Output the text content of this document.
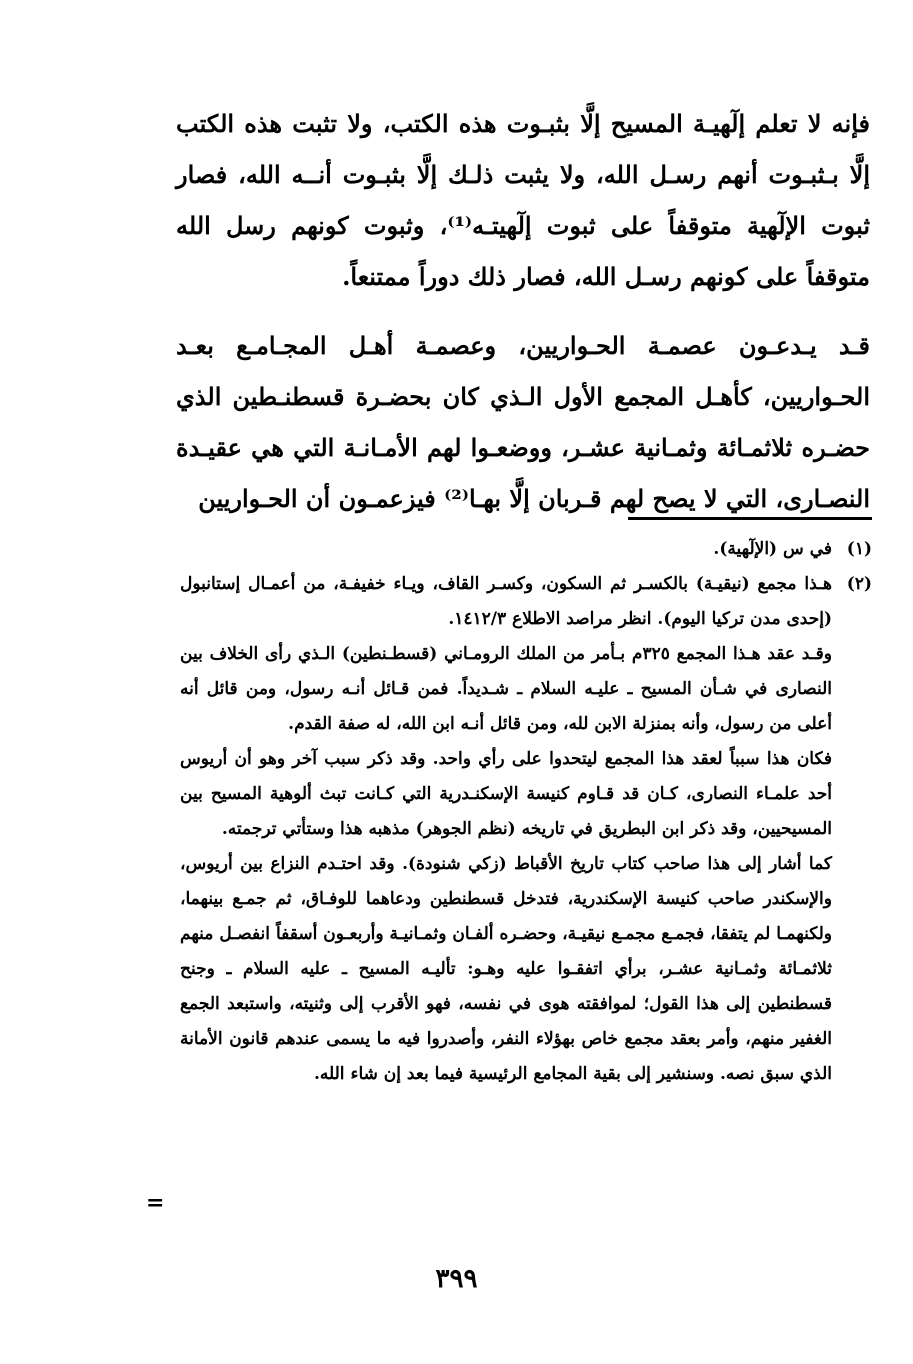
فإنه لا تعلم إلٓهيـة المسيح إلَّا بثبـوت هذه الكتب، ولا تثبت هذه الكتب إلَّا بـثبـوت أنهم رسـل الله، ولا يثبت ذلـك إلَّا بثبـوت أنــه الله، فصار ثبوت الإلٓهية متوقفاً على ثبوت إلٓهيتـه⁽¹⁾، وثبوت كونهم رسل الله متوقفاً على كونهم رسـل الله، فصار ذلك دوراً ممتنعاً.

قـد يـدعـون عصمـة الحـواريين، وعصمـة أهـل المجـامـع بعـد الحـواريين، كأهـل المجمع الأول الـذي كان بحضـرة قسطنـطين الذي حضـره ثلاثمـائة وثمـانية عشـر، ووضعـوا لهم الأمـانـة التي هي عقيـدة النصـارى، التي لا يصح لهم قـربان إلَّا بهـا⁽²⁾ فيزعمـون أن الحـواريين

(١)

في س (الإلٓهية).

(٢)

هـذا مجمع (نيقيـة) بالكسـر ثم السكون، وكسـر القاف، ويـاء خفيفـة، من أعمـال إستانبول (إحدى مدن تركيا اليوم). انظر مراصد الاطلاع ١٤١٢/٣.

وقـد عقد هـذا المجمع ٣٢٥م بـأمر من الملك الرومـاني (قسطـنطين) الـذي رأى الخلاف بين النصارى في شـأن المسيح ـ عليـه السلام ـ شـديداً. فمن قـائل أنـه رسول، ومن قائل أنه أعلى من رسول، وأنه بمنزلة الابن لله، ومن قائل أنـه ابن الله، له صفة القدم.

فكان هذا سبباً لعقد هذا المجمع ليتحدوا على رأي واحد. وقد ذكر سبب آخر وهو أن أريوس أحد علمـاء النصارى، كـان قد قـاوم كنيسة الإسكنـدرية التي كـانت تبث ألوهية المسيح بين المسيحيين، وقد ذكر ابن البطريق في تاريخه (نظم الجوهر) مذهبه هذا وستأتي ترجمته.

كما أشار إلى هذا صاحب كتاب تاريخ الأقباط (زكي شنودة). وقد احتـدم النزاع بين أريوس، والإسكندر صاحب كنيسة الإسكندرية، فتدخل قسطنطين ودعاهما للوفـاق، ثم جمـع بينهما، ولكنهمـا لم يتفقا، فجمـع مجمـع نيقيـة، وحضـره ألفـان وثمـانيـة وأربعـون أسقفاً انفصـل منهم ثلاثمـائة وثمـانية عشـر، برأي اتفقـوا عليه وهـو: تأليـه المسيح ـ عليه السلام ـ وجنح قسطنطين إلى هذا القول؛ لموافقته هوى في نفسه، فهو الأقرب إلى وثنيته، واستبعد الجمع الغفير منهم، وأمر بعقد مجمع خاص بهؤلاء النفر، وأصدروا فيه ما يسمى عندهم قانون الأمانة الذي سبق نصه. وسنشير إلى بقية المجامع الرئيسية فيما بعد إن شاء الله.

=
٣٩٩
